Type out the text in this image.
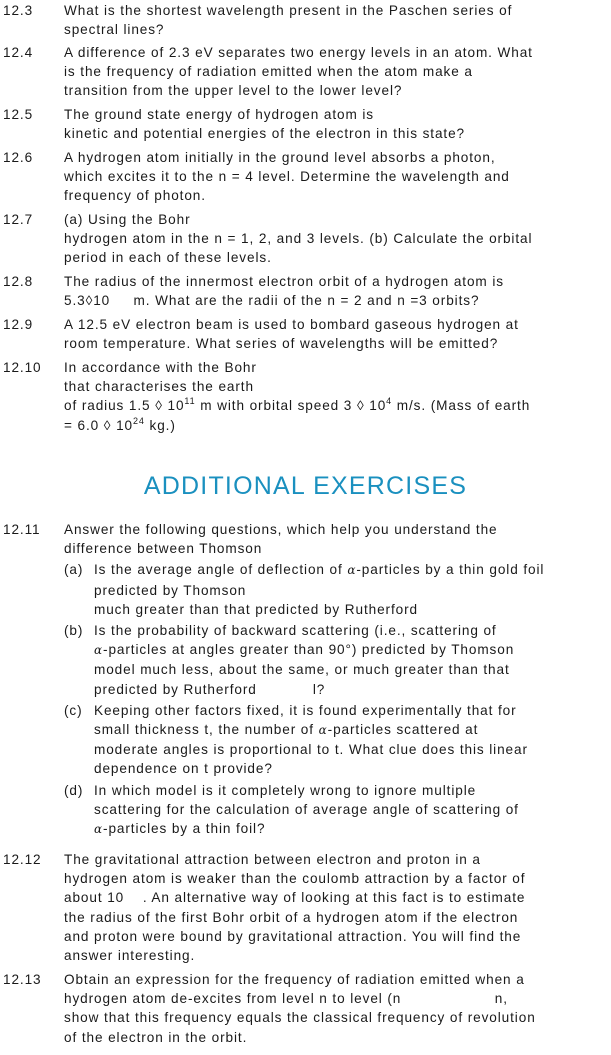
12.3	What is the shortest wavelength present in the Paschen series of

spectral lines?

12.4	A difference of 2.3 eV separates two energy levels in an atom. What

is the frequency of radiation emitted when the atom make a

transition from the upper level to the lower level?

12.5	The ground state energy of hydrogen atom is

kinetic and potential energies of the electron in this state?

12.6	A hydrogen atom initially in the ground level absorbs a photon,

which excites it to the n = 4 level. Determine the wavelength and

frequency of photon.

12.7	(a) Using the Bohr

hydrogen atom in the n = 1, 2, and 3 levels. (b) Calculate the orbital

period in each of these levels.

12.8	The radius of the innermost electron orbit of a hydrogen atom is

5.3◊10     m. What are the radii of the n = 2 and n =3 orbits?

12.9	A 12.5 eV electron beam is used to bombard gaseous hydrogen at

room temperature. What series of wavelengths will be emitted?

12.10	In accordance with the Bohr

that characterises the earth

of radius 1.5 ◊ $10^{11}$ m with orbital speed 3 ◊ $10^4$ m/s. (Mass of earth

= 6.0 ◊ $10^{24}$ kg.)

ADDITIONAL EXERCISES
12.11	Answer the following questions, which help you understand the

difference between Thomson

(a) Is the average angle of deflection of α-particles by a thin gold foil

predicted by Thomson

much greater than that predicted by Rutherford

(b) Is the probability of backward scattering (i.e., scattering of

α-particles at angles greater than 90°) predicted by Thomson

model much less, about the same, or much greater than that

predicted by Rutherford            l?

(c) Keeping other factors fixed, it is found experimentally that for

small thickness t, the number of α-particles scattered at

moderate angles is proportional to t. What clue does this linear

dependence on t provide?

(d) In which model is it completely wrong to ignore multiple

scattering for the calculation of average angle of scattering of

α-particles by a thin foil?

12.12	The gravitational attraction between electron and proton in a

hydrogen atom is weaker than the coulomb attraction by a factor of

about 10    . An alternative way of looking at this fact is to estimate

the radius of the first Bohr orbit of a hydrogen atom if the electron

and proton were bound by gravitational attraction. You will find the

answer interesting.

12.13	Obtain an expression for the frequency of radiation emitted when a

hydrogen atom de-excites from level n to level (n                    n,

show that this frequency equals the classical frequency of revolution

of the electron in the orbit.
